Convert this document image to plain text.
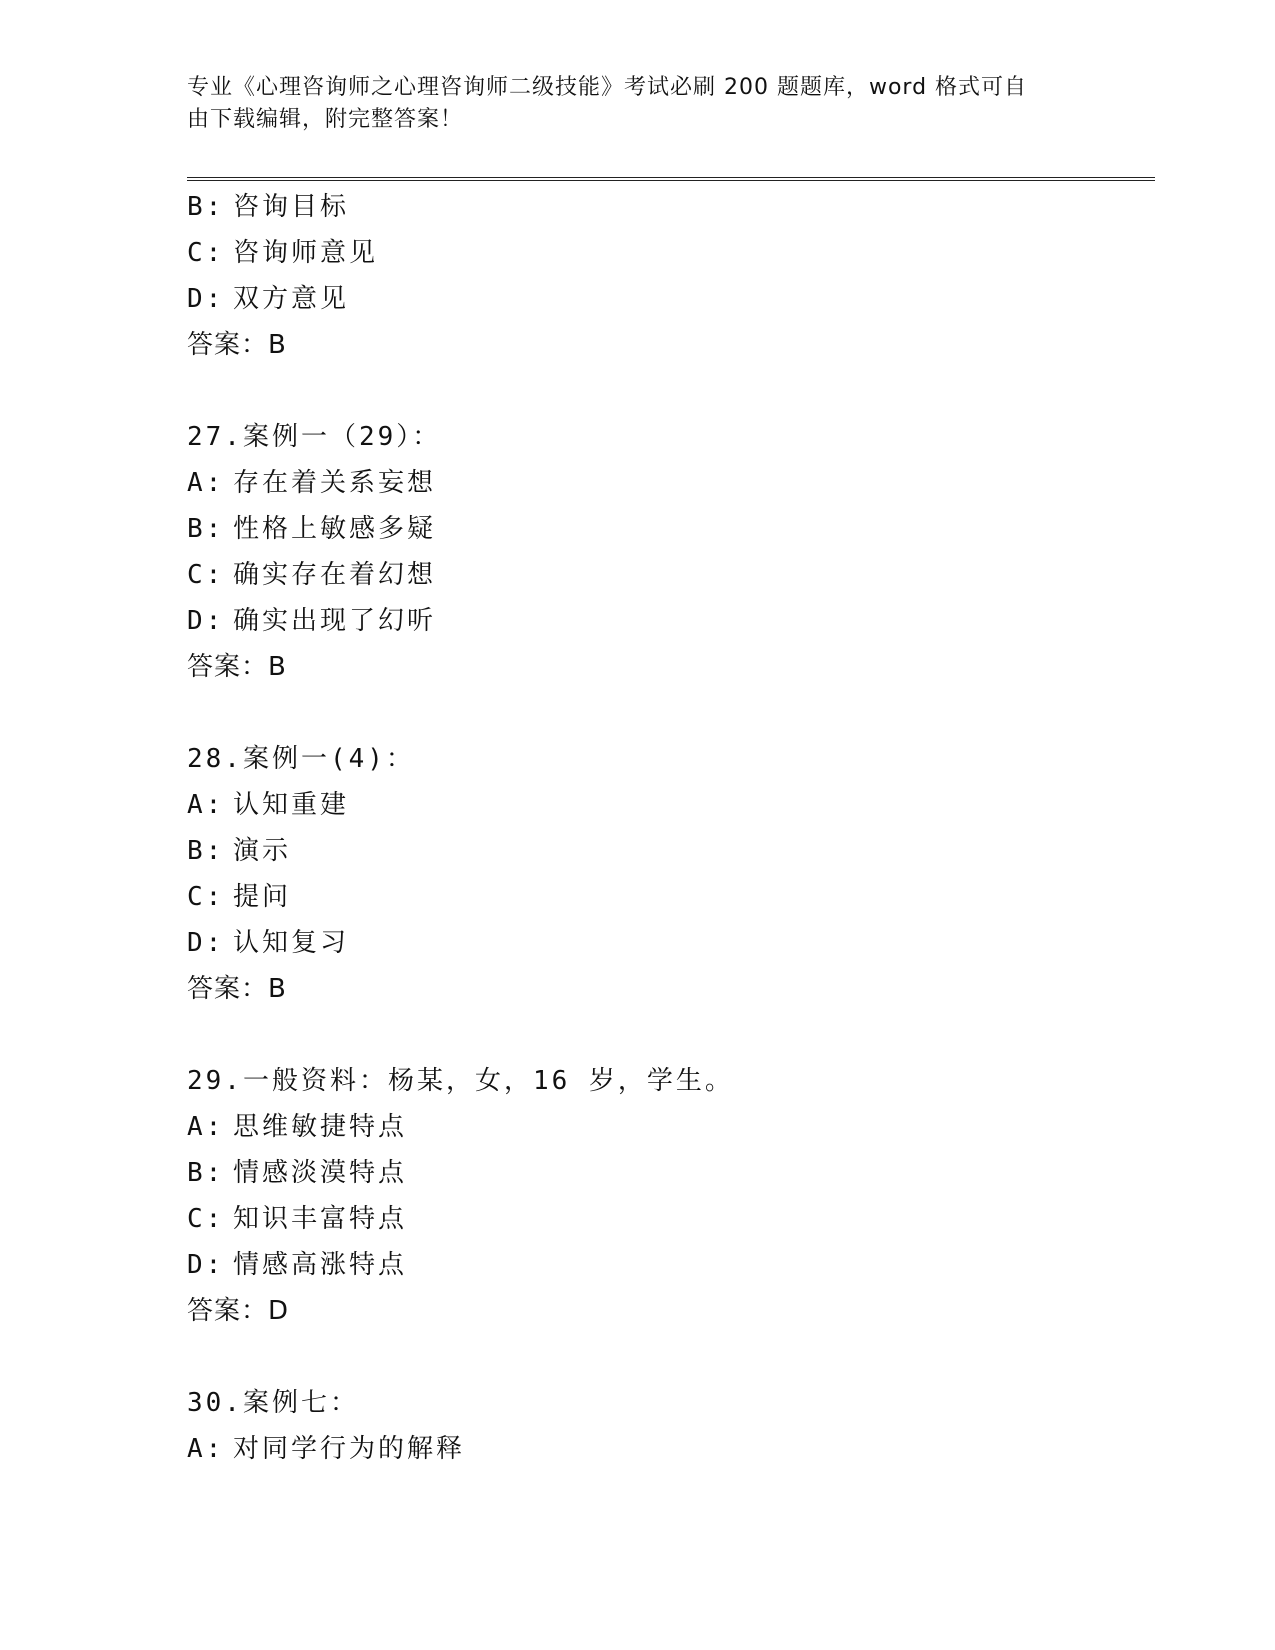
专业《心理咨询师之心理咨询师二级技能》考试必刷 200 题题库，word 格式可自
由下载编辑，附完整答案！
B: 咨询目标
C: 咨询师意见
D: 双方意见
答案：B
27.案例一（29）：
A: 存在着关系妄想
B: 性格上敏感多疑
C: 确实存在着幻想
D: 确实出现了幻听
答案：B
28.案例一(4)：
A: 认知重建
B: 演示
C: 提问
D: 认知复习
答案：B
29.一般资料：杨某，女，16 岁，学生。
A: 思维敏捷特点
B: 情感淡漠特点
C: 知识丰富特点
D: 情感高涨特点
答案：D
30.案例七：
A: 对同学行为的解释
